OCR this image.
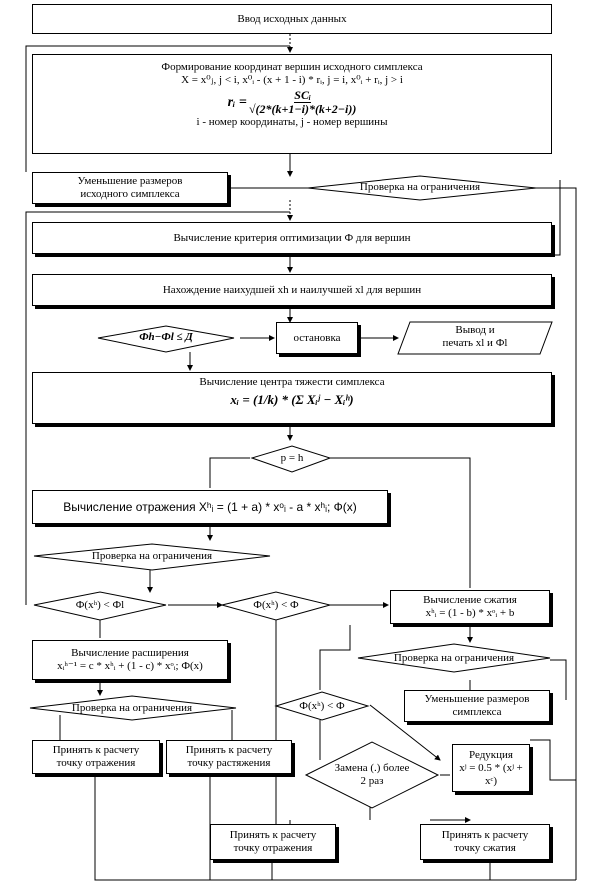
Ввод исходных данных
Формирование координат вершин исходного симплекса
X = x⁰ⱼ, j < i, x⁰ᵢ - (x + 1 - i) * rᵢ, j = i, x⁰ᵢ + rᵢ, j > i
rᵢ =	SCᵢ
√(2*(k+1−i)*(k+2−i))
i - номер координаты, j - номер вершины
Уменьшение размеров
исходного симплекса
Проверка на ограничения
Вычисление критерия оптимизации Ф для вершин
Нахождение наихудшей xh и наилучшей xl для вершин
Фh−Фl ≤ Д	остановка
Вывод и
печать xl и Фl
Вычисление центра тяжести симплекса
xᵢ = (1/k) * (Σ Xᵢʲ − Xᵢʰ)
p = h
Вычисление отражения Xʰᵢ = (1 + a) * xᵒᵢ - a * xʰᵢ; Ф(x)
Проверка на ограничения
Ф(xʰ) < Фl	Ф(xʰ) < Ф	Вычисление сжатия
xʰᵢ = (1 - b) * xᵒᵢ + b
Вычисление расширения
xᵢʰ⁻¹ = c * xʰᵢ + (1 - c) * xᵒᵢ; Ф(x)
Проверка на ограничения
Уменьшение размеров
симплекса
Проверка на ограничения	Ф(xʰ) < Ф
Принять к расчету
точку отражения
Принять к расчету
точку растяжения	Замена (.) более
2 раз
Редукция
xʲ = 0.5 * (xʲ +
xᶜ)
Принять к расчету
точку отражения
Принять к расчету
точку сжатия
